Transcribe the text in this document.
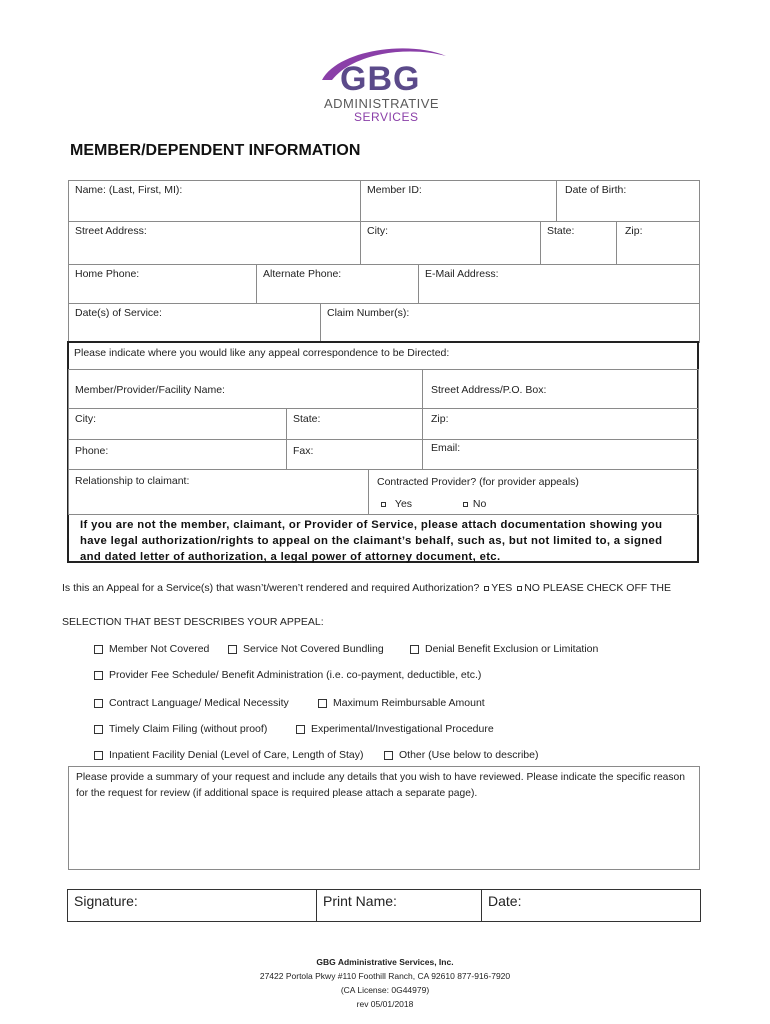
GBG
ADMINISTRATIVE
SERVICES
MEMBER/DEPENDENT INFORMATION
Name: (Last, First, MI):	Member ID:	Date of Birth:
Street Address:	City:	State:	Zip:
Home Phone:	Alternate Phone:	E-Mail Address:
Date(s) of Service:	Claim Number(s):
Please indicate where you would like any appeal correspondence to be Directed:
Member/Provider/Facility Name:	Street Address/P.O. Box:
City:	State:	Zip:
Phone:	Fax:	Email:
Relationship to claimant:	Contracted Provider? (for provider appeals)
Yes	No
If you are not the member, claimant, or Provider of Service, please attach documentation showing you have legal authorization/rights to appeal on the claimant’s behalf, such as, but not limited to, a signed and dated letter of authorization, a legal power of attorney document, etc.
Is this an Appeal for a Service(s) that wasn’t/weren’t rendered and required Authorization? YES NO PLEASE CHECK OFF THE
SELECTION THAT BEST DESCRIBES YOUR APPEAL:
Member Not Covered	Service Not Covered Bundling	Denial Benefit Exclusion or Limitation
Provider Fee Schedule/ Benefit Administration (i.e. co-payment, deductible, etc.)
Contract Language/ Medical Necessity	Maximum Reimbursable Amount
Timely Claim Filing (without proof)	Experimental/Investigational Procedure
Inpatient Facility Denial (Level of Care, Length of Stay)	Other (Use below to describe)
Please provide a summary of your request and include any details that you wish to have reviewed. Please indicate the specific reason for the request for review (if additional space is required please attach a separate page).
Signature:	Print Name:	Date:
GBG Administrative Services, Inc.
27422 Portola Pkwy #110 Foothill Ranch, CA 92610 877-916-7920
(CA License: 0G44979)
rev 05/01/2018
